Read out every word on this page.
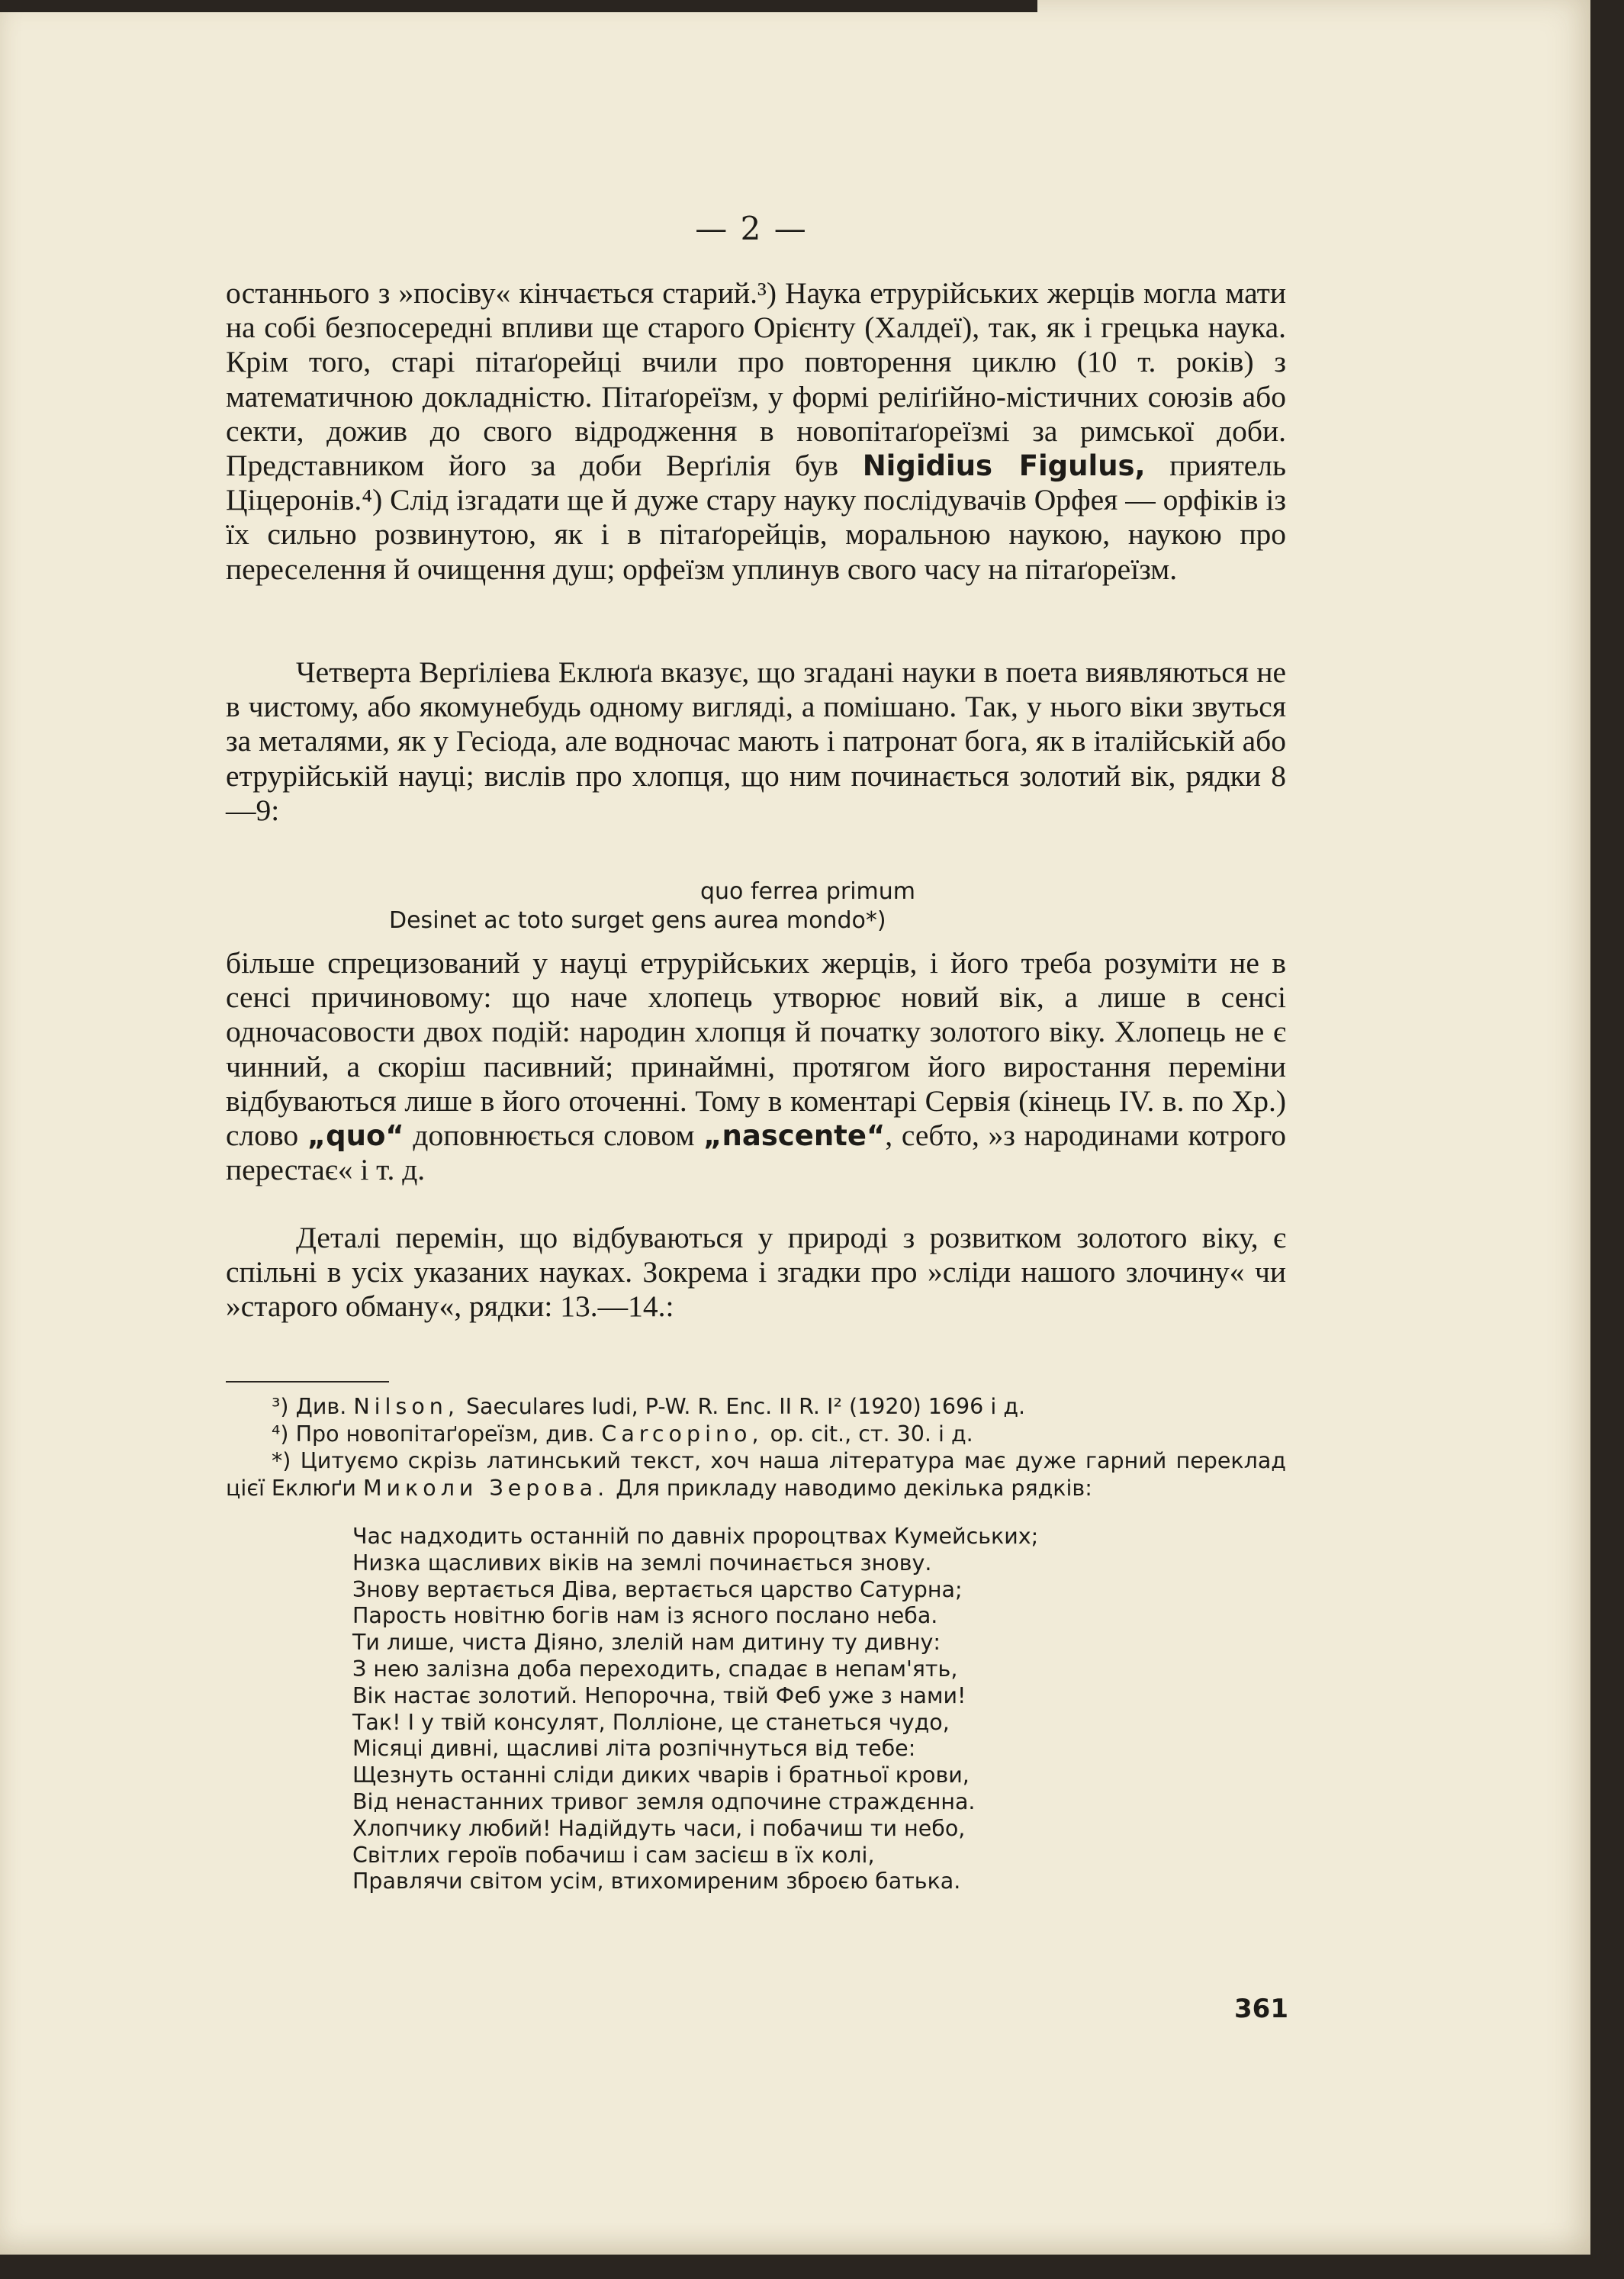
— 2 —

останнього з »посіву« кінчається старий.³) Наука етрурійських жерців могла мати на собі безпосередні впливи ще старого Орієнту (Халдеї), так, як і грецька наука. Крім того, старі пітаґорейці вчили про повторення циклю (10 т. років) з математичною докладністю. Пітаґореїзм, у формі реліґійно-містичних союзів або секти, дожив до свого відродження в новопітаґореїзмі за римської доби. Представником його за доби Верґілія був Nigidius Figulus, приятель Ціцеронів.⁴) Слід ізгадати ще й дуже стару науку послідувачів Орфея — орфіків із їх сильно розвинутою, як і в пітаґорейців, моральною наукою, наукою про переселення й очищення душ; орфеїзм уплинув свого часу на пітаґореїзм.

Четверта Верґіліева Еклюґа вказує, що згадані науки в поета виявляються не в чистому, або якомунебудь одному вигляді, а помішано. Так, у нього віки звуться за металями, як у Гесіода, але водночас мають і патронат бога, як в італійській або етрурійській науці; вислів про хлопця, що ним починається золотий вік, рядки 8—9:

quo ferrea primum
Desinet ac toto surget gens aurea mondo*)

більше спрецизований у науці етрурійських жерців, і його треба розуміти не в сенсі причиновому: що наче хлопець утворює новий вік, а лише в сенсі одночасовости двох подій: народин хлопця й початку золотого віку. Хлопець не є чинний, а скоріш пасивний; принаймні, протягом його виростання переміни відбуваються лише в його оточенні. Тому в коментарі Сервія (кінець IV. в. по Хр.) слово „quo“ доповнюється словом „nascente“, себто, »з народинами котрого перестає« і т. д.

Деталі перемін, що відбуваються у природі з розвитком золотого віку, є спільні в усіх указаних науках. Зокрема і згадки про »сліди нашого злочину« чи »старого обману«, рядки: 13.—14.:

³) Див. Nilson, Saeculares ludi, P-W. R. Enc. II R. I² (1920) 1696 і д.

⁴) Про новопітаґореїзм, див. Carcopino, op. cit., ст. 30. і д.

*) Цитуємо скрізь латинський текст, хоч наша література має дуже гарний переклад цієї Еклюґи Миколи Зерова. Для прикладу наводимо декілька рядків:

Час надходить останній по давніх пророцтвах Кумейських;
Низка щасливих віків на землі починається знову.
Знову вертається Діва, вертається царство Сатурна;
Парость новітню богів нам із ясного послано неба.
Ти лише, чиста Діяно, злелій нам дитину ту дивну:
З нею залізна доба переходить, спадає в непам'ять,
Вік настає золотий. Непорочна, твій Феб уже з нами!
Так! І у твій консулят, Полліоне, це станеться чудо,
Місяці дивні, щасливі літа розпічнуться від тебе:
Щезнуть останні сліди диких чварів і братньої крови,
Від ненастанних тривог земля одпочине страждєнна.
Хлопчику любий! Надійдуть часи, і побачиш ти небо,
Світлих героїв побачиш і сам засієш в їх колі,
Правлячи світом усім, втихомиреним зброєю батька.
361
